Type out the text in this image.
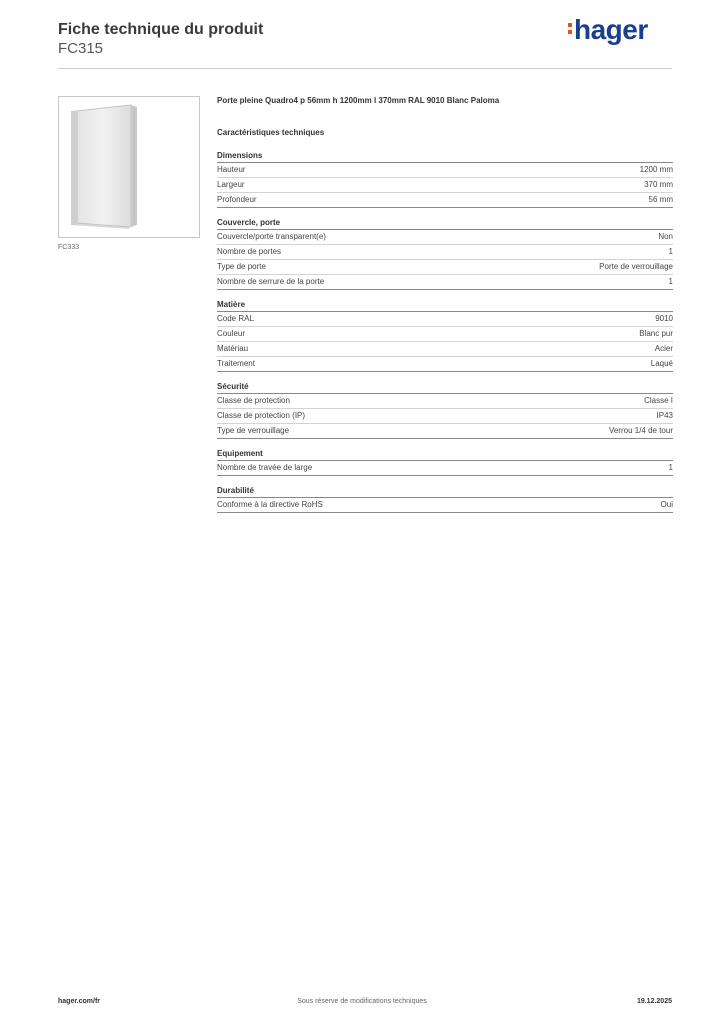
Fiche technique du produit
FC315
hager
FC333
Porte pleine Quadro4 p 56mm h 1200mm l 370mm RAL 9010 Blanc Paloma
Caractéristiques techniques
Dimensions
Hauteur	1200 mm
Largeur	370 mm
Profondeur	56 mm
Couvercle, porte
Couvercle/porte transparent(e)	Non
Nombre de portes	1
Type de porte	Porte de verrouillage
Nombre de serrure de la porte	1
Matière
Code RAL	9010
Couleur	Blanc pur
Matériau	Acier
Traitement	Laqué
Sécurité
Classe de protection	Classe I
Classe de protection (IP)	IP43
Type de verrouillage	Verrou 1/4 de tour
Equipement
Nombre de travée de large	1
Durabilité
Conforme à la directive RoHS	Oui
hager.com/fr	Sous réserve de modifications techniques	19.12.2025
